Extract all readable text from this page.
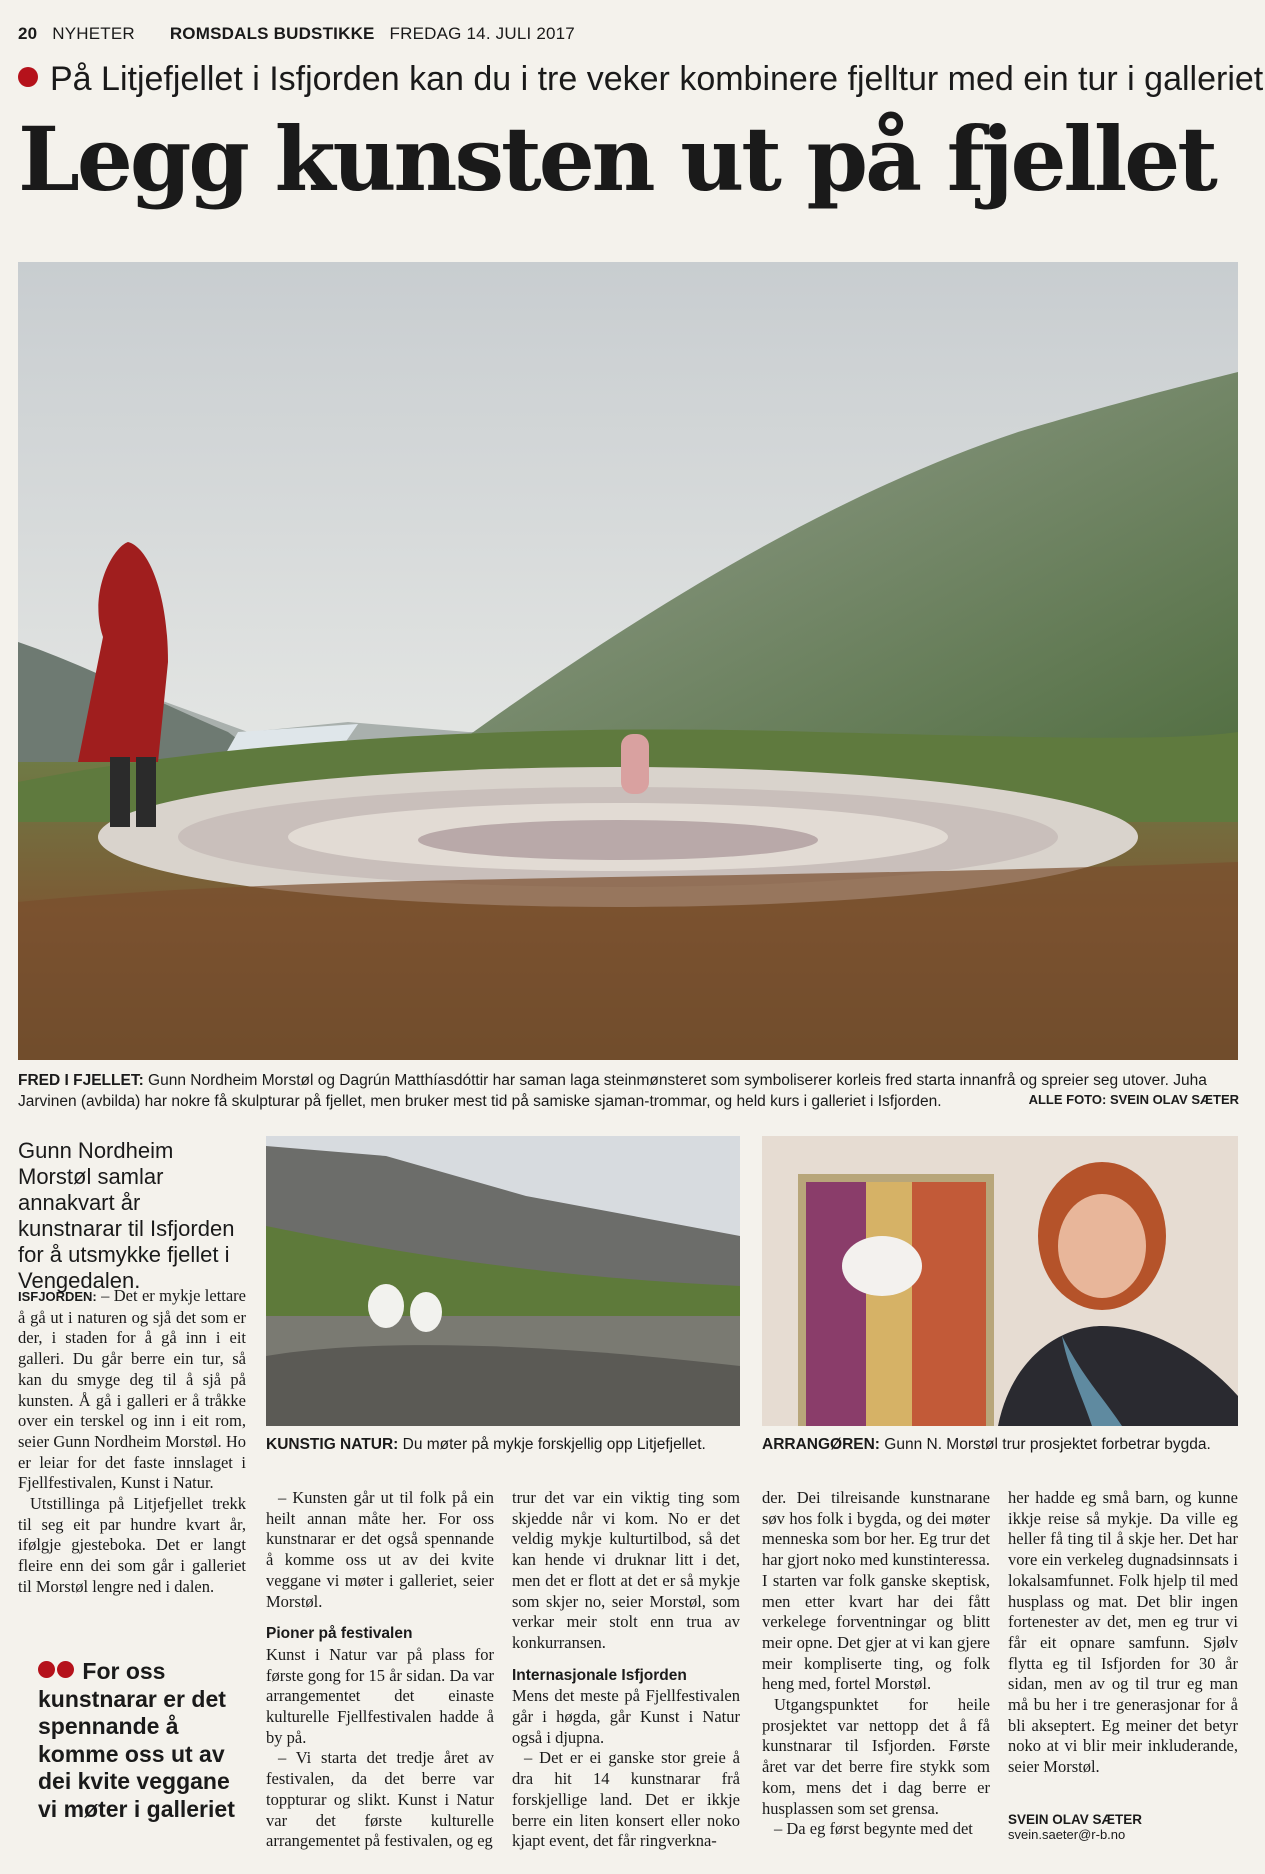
20 NYHETER ROMSDALS BUDSTIKKE FREDAG 14. JULI 2017
På Litjefjellet i Isfjorden kan du i tre veker kombinere fjelltur med ein tur i galleriet
Legg kunsten ut på fjellet
FRED I FJELLET: Gunn Nordheim Morstøl og Dagrún Matthíasdóttir har saman laga steinmønsteret som symboliserer korleis fred starta innanfrå og spreier seg utover. Juha Jarvinen (avbilda) har nokre få skulpturar på fjellet, men bruker mest tid på samiske sjaman-trommar, og held kurs i galleriet i Isfjorden.	ALLE FOTO: SVEIN OLAV SÆTER
Gunn Nordheim Morstøl samlar annakvart år kunstnarar til Isfjorden for å utsmykke fjellet i Vengedalen.
KUNSTIG NATUR: Du møter på mykje forskjellig opp Litjefjellet.	ARRANGØREN: Gunn N. Morstøl trur prosjektet forbetrar bygda.

ISFJORDEN: – Det er mykje lettare å gå ut i naturen og sjå det som er der, i staden for å gå inn i eit galleri. Du går berre ein tur, så kan du smyge deg til å sjå på kunsten. Å gå i galleri er å tråkke over ein terskel og inn i eit rom, seier Gunn Nordheim Morstøl. Ho er leiar for det faste innslaget i Fjellfestivalen, Kunst i Natur.

Utstillinga på Litjefjellet trekk til seg eit par hundre kvart år, ifølgje gjesteboka. Det er langt fleire enn dei som går i galleriet til Morstøl lengre ned i dalen.

For oss kunstnarar er det spennande å komme oss ut av dei kvite veggane vi møter i galleriet

– Kunsten går ut til folk på ein heilt annan måte her. For oss kunstnarar er det også spennande å komme oss ut av dei kvite veggane vi møter i galleriet, seier Morstøl.

Pioner på festivalen

Kunst i Natur var på plass for første gong for 15 år sidan. Da var arrangementet det einaste kulturelle Fjellfestivalen hadde å by på.

– Vi starta det tredje året av festivalen, da det berre var toppturar og slikt. Kunst i Natur var det første kulturelle arrangementet på festivalen, og eg

trur det var ein viktig ting som skjedde når vi kom. No er det veldig mykje kulturtilbod, så det kan hende vi druknar litt i det, men det er flott at det er så mykje som skjer no, seier Morstøl, som verkar meir stolt enn truа av konkurransen.

Internasjonale Isfjorden

Mens det meste på Fjellfestivalen går i høgda, går Kunst i Natur også i djupna.

– Det er ei ganske stor greie å dra hit 14 kunstnarar frå forskjellige land. Det er ikkje berre ein liten konsert eller noko kjapt event, det får ringverkna-

der. Dei tilreisande kunstnarane søv hos folk i bygda, og dei møter menneska som bor her. Eg trur det har gjort noko med kunstinteressa. I starten var folk ganske skeptisk, men etter kvart har dei fått verkelege forventningar og blitt meir opne. Det gjer at vi kan gjere meir kompliserte ting, og folk heng med, fortel Morstøl.

Utgangspunktet for heile prosjektet var nettopp det å få kunstnarar til Isfjorden. Første året var det berre fire stykk som kom, mens det i dag berre er husplassen som set grensa.

– Da eg først begynte med det

her hadde eg små barn, og kunne ikkje reise så mykje. Da ville eg heller få ting til å skje her. Det har vore ein verkeleg dugnadsinnsats i lokalsamfunnet. Folk hjelp til med husplass og mat. Det blir ingen fortenester av det, men eg trur vi får eit opnare samfunn. Sjølv flytta eg til Isfjorden for 30 år sidan, men av og til trur eg man må bu her i tre generasjonar for å bli akseptert. Eg meiner det betyr noko at vi blir meir inkluderande, seier Morstøl.

SVEIN OLAV SÆTER
svein.saeter@r-b.no
